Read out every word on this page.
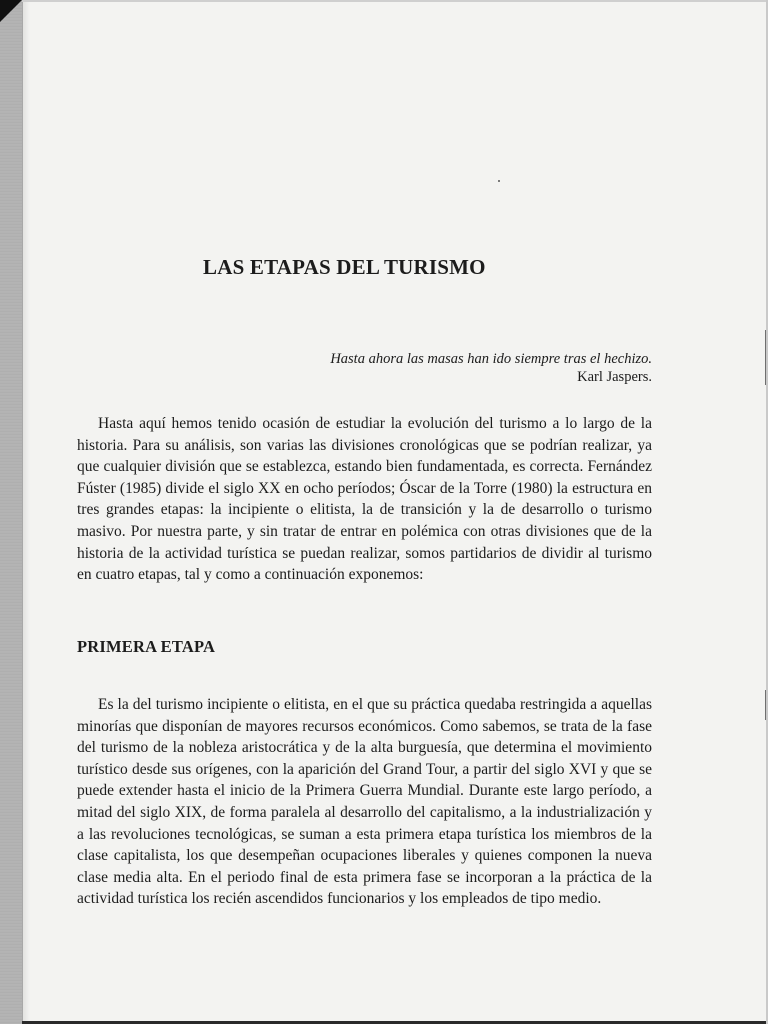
LAS ETAPAS DEL TURISMO
Hasta ahora las masas han ido siempre tras el hechizo.
Karl Jaspers.

Hasta aquí hemos tenido ocasión de estudiar la evolución del turismo a lo largo de la historia. Para su análisis, son varias las divisiones cronológicas que se podrían realizar, ya que cualquier división que se establezca, estando bien fundamentada, es correcta. Fernández Fúster (1985) divide el siglo XX en ocho períodos; Óscar de la Torre (1980) la estructura en tres grandes etapas: la incipiente o elitista, la de transición y la de desarrollo o turismo masivo. Por nuestra parte, y sin tratar de entrar en polémica con otras divisiones que de la historia de la actividad turística se puedan realizar, somos partidarios de dividir al turismo en cuatro etapas, tal y como a continuación exponemos:

PRIMERA ETAPA

Es la del turismo incipiente o elitista, en el que su práctica quedaba restringida a aquellas minorías que disponían de mayores recursos económicos. Como sabemos, se trata de la fase del turismo de la nobleza aristocrática y de la alta burguesía, que determina el movimiento turístico desde sus orígenes, con la aparición del Grand Tour, a partir del siglo XVI y que se puede extender hasta el inicio de la Primera Guerra Mundial. Durante este largo período, a mitad del siglo XIX, de forma paralela al desarrollo del capitalismo, a la industrialización y a las revoluciones tecnológicas, se suman a esta primera etapa turística los miembros de la clase capitalista, los que desempeñan ocupaciones liberales y quienes componen la nueva clase media alta. En el periodo final de esta primera fase se incorporan a la práctica de la actividad turística los recién ascendidos funcionarios y los empleados de tipo medio.
